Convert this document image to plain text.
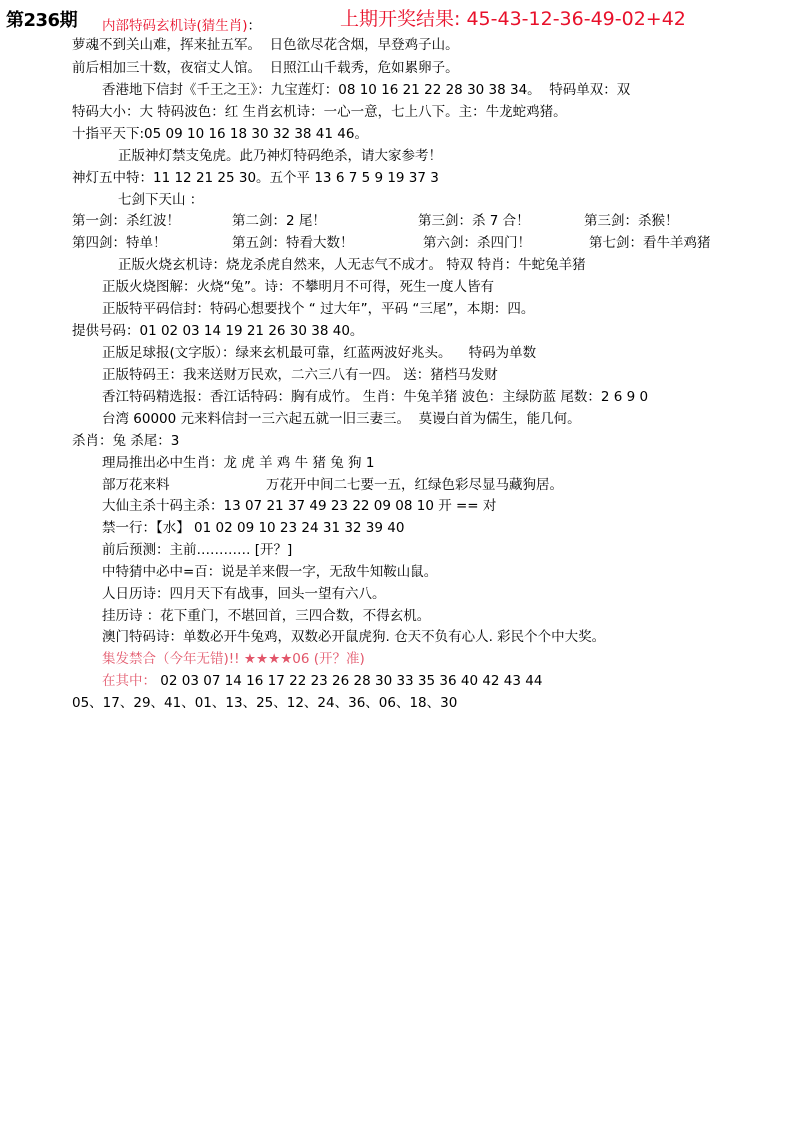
第236期 内部特码玄机诗(猜生肖)：	上期开奖结果: 45-43-12-36-49-02+42
萝魂不到关山难，挥来扯五军。  日色欲尽花含烟，早登鸡子山。
前后相加三十数，夜宿丈人馆。  日照江山千载秀，危如累卵子。
香港地下信封《千王之王》：九宝莲灯：08 10 16 21 22 28 30 38 34。  特码单双：双
特码大小：大 特码波色：红 生肖玄机诗：一心一意，七上八下。主：牛龙蛇鸡猪。
十指平天下:05 09 10 16 18 30 32 38 41 46。
正版神灯禁支兔虎。此乃神灯特码绝杀，请大家参考！
神灯五中特：11 12 21 25 30。五个平 13 6 7 5 9 19 37 3
七剑下天山 ：
第一剑：杀红波！	第二剑：2 尾！	第三剑：杀 7 合！	第三剑：杀猴！
第四剑：特单！	第五剑：特看大数！	第六剑：杀四门！	第七剑：看牛羊鸡猪
正版火烧玄机诗：烧龙杀虎自然来，人无志气不成才。 特双 特肖：牛蛇兔羊猪
正版火烧图解：火烧“兔”。诗：不攀明月不可得，死生一度人皆有
正版特平码信封：特码心想要找个 “ 过大年”，平码 “三尾”，本期：四。
提供号码：01 02 03 14 19 21 26 30 38 40。
正版足球报(文字版）：绿来玄机最可靠，红蓝两波好兆头。    特码为单数
正版特码王：我来送财万民欢，二六三八有一四。 送：猪档马发财
香江特码精选报：香江话特码：胸有成竹。 生肖：牛兔羊猪 波色：主绿防蓝 尾数：2 6 9 0
台湾 60000 元来料信封一三六起五就一旧三妻三。  莫谩白首为儒生，能几何。
杀肖：兔 杀尾：3
理局推出必中生肖：龙 虎 羊 鸡 牛 猪 兔 狗 1
部万花来料	万花开中间二七要一五，红绿色彩尽显马藏狗居。
大仙主杀十码主杀：13 07 21 37 49 23 22 09 08 10 开 == 对
禁一行：【水】 01 02 09 10 23 24 31 32 39 40
前后预测：主前………… [开？]
中特猜中必中=百：说是羊来假一字，无敌牛知鞍山鼠。
人日历诗：四月天下有战事，回头一望有六八。
挂历诗 ：花下重门，不堪回首，三四合数，不得玄机。
澳门特码诗：单数必开牛兔鸡，双数必开鼠虎狗. 仓天不负有心人. 彩民个个中大奖。
集发禁合（今年无错)!! ★★★★06 (开？准)
在其中： 02 03 07 14 16 17 22 23 26 28 30 33 35 36 40 42 43 44
05、17、29、41、01、13、25、12、24、36、06、18、30
